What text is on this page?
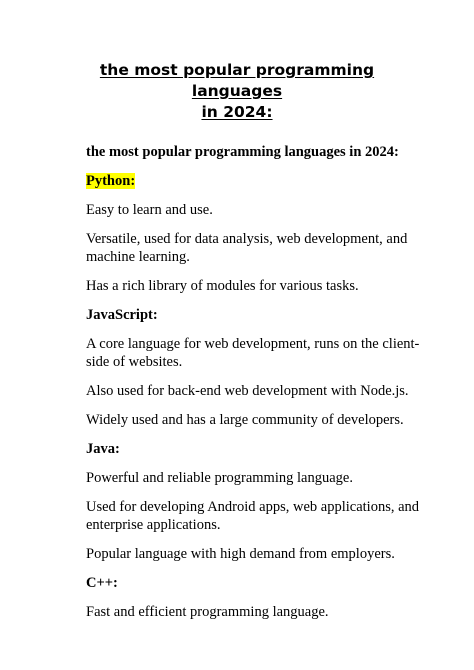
the most popular programming languages
in 2024:
the most popular programming languages in 2024:
Python:
Easy to learn and use.
Versatile, used for data analysis, web development, and machine learning.
Has a rich library of modules for various tasks.
JavaScript:
A core language for web development, runs on the client-side of websites.
Also used for back-end web development with Node.js.
Widely used and has a large community of developers.
Java:
Powerful and reliable programming language.
Used for developing Android apps, web applications, and enterprise applications.
Popular language with high demand from employers.
C++:
Fast and efficient programming language.
